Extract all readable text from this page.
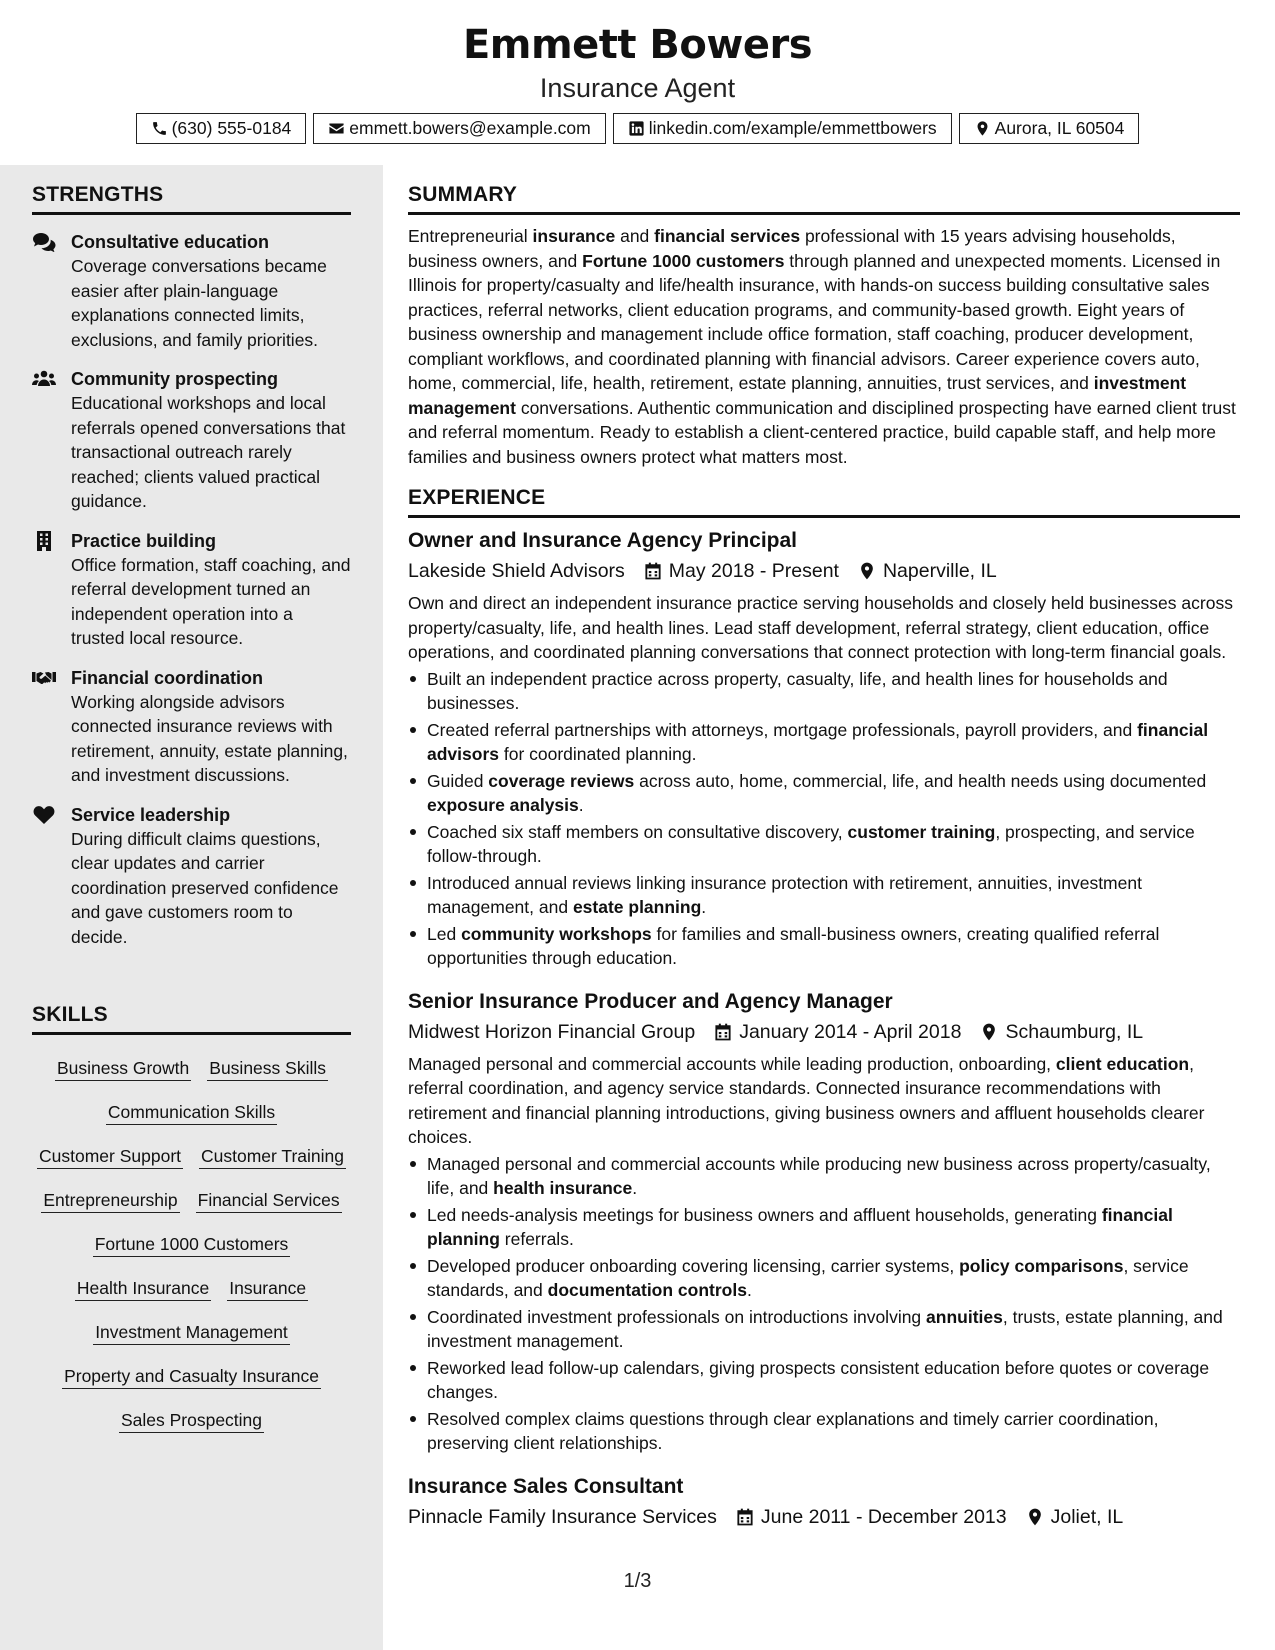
Emmett Bowers
Insurance Agent
(630) 555-0184	emmett.bowers@example.com	linkedin.com/example/emmettbowers	Aurora, IL 60504
STRENGTHS
Consultative education
Coverage conversations became easier after plain-language explanations connected limits, exclusions, and family priorities.
Community prospecting
Educational workshops and local referrals opened conversations that transactional outreach rarely reached; clients valued practical guidance.
Practice building
Office formation, staff coaching, and referral development turned an independent operation into a trusted local resource.
Financial coordination
Working alongside advisors connected insurance reviews with retirement, annuity, estate planning, and investment discussions.
Service leadership
During difficult claims questions, clear updates and carrier coordination preserved confidence and gave customers room to decide.
SKILLS
Business Growth Business Skills
Communication Skills
Customer Support Customer Training
Entrepreneurship Financial Services
Fortune 1000 Customers
Health Insurance Insurance
Investment Management
Property and Casualty Insurance
Sales Prospecting
SUMMARY
Entrepreneurial insurance and financial services professional with 15 years advising households, business owners, and Fortune 1000 customers through planned and unexpected moments. Licensed in Illinois for property/casualty and life/health insurance, with hands-on success building consultative sales practices, referral networks, client education programs, and community-based growth. Eight years of business ownership and management include office formation, staff coaching, producer development, compliant workflows, and coordinated planning with financial advisors. Career experience covers auto, home, commercial, life, health, retirement, estate planning, annuities, trust services, and investment management conversations. Authentic communication and disciplined prospecting have earned client trust and referral momentum. Ready to establish a client-centered practice, build capable staff, and help more families and business owners protect what matters most.
EXPERIENCE
Owner and Insurance Agency Principal
Lakeside Shield Advisors May 2018 - Present Naperville, IL
Own and direct an independent insurance practice serving households and closely held businesses across property/casualty, life, and health lines. Lead staff development, referral strategy, client education, office operations, and coordinated planning conversations that connect protection with long-term financial goals.
Built an independent practice across property, casualty, life, and health lines for households and businesses.
Created referral partnerships with attorneys, mortgage professionals, payroll providers, and financial advisors for coordinated planning.
Guided coverage reviews across auto, home, commercial, life, and health needs using documented exposure analysis.
Coached six staff members on consultative discovery, customer training, prospecting, and service follow-through.
Introduced annual reviews linking insurance protection with retirement, annuities, investment management, and estate planning.
Led community workshops for families and small-business owners, creating qualified referral opportunities through education.
Senior Insurance Producer and Agency Manager
Midwest Horizon Financial Group January 2014 - April 2018 Schaumburg, IL
Managed personal and commercial accounts while leading production, onboarding, client education, referral coordination, and agency service standards. Connected insurance recommendations with retirement and financial planning introductions, giving business owners and affluent households clearer choices.
Managed personal and commercial accounts while producing new business across property/casualty, life, and health insurance.
Led needs-analysis meetings for business owners and affluent households, generating financial planning referrals.
Developed producer onboarding covering licensing, carrier systems, policy comparisons, service standards, and documentation controls.
Coordinated investment professionals on introductions involving annuities, trusts, estate planning, and investment management.
Reworked lead follow-up calendars, giving prospects consistent education before quotes or coverage changes.
Resolved complex claims questions through clear explanations and timely carrier coordination, preserving client relationships.
Insurance Sales Consultant
Pinnacle Family Insurance Services June 2011 - December 2013 Joliet, IL
1/3
